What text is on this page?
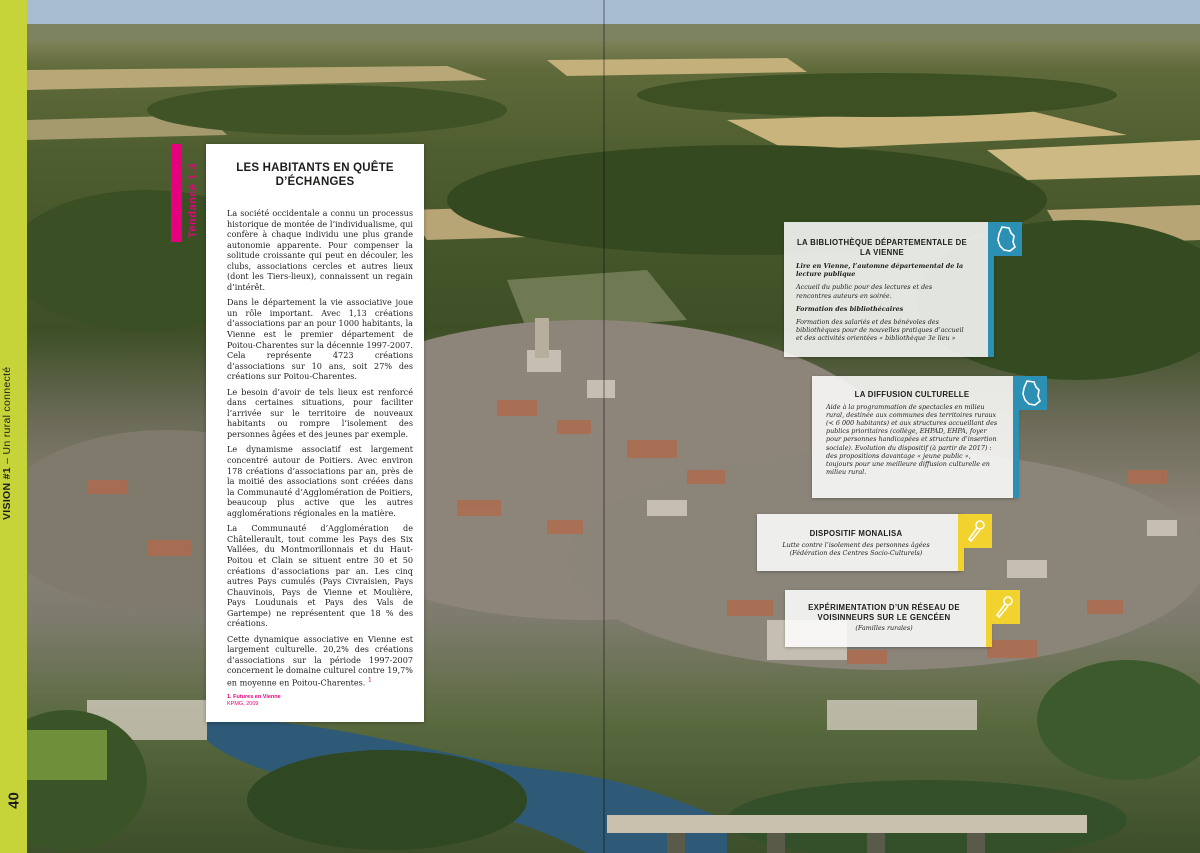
VISION #1 – Un rural connecté
40
LES HABITANTS EN QUÊTE D’ÉCHANGES

La société occidentale a connu un processus historique de montée de l’individualisme, qui confère à chaque individu une plus grande autonomie apparente. Pour compenser la solitude croissante qui peut en découler, les clubs, associations cercles et autres lieux (dont les Tiers-lieux), connaissent un regain d’intérêt.

Dans le département la vie associative joue un rôle important. Avec 1,13 créations d’associations par an pour 1000 habitants, la Vienne est le premier département de Poitou-Charentes sur la décennie 1997-2007. Cela représente 4723 créations d’associations sur 10 ans, soit 27% des créations sur Poitou-Charentes.

Le besoin d’avoir de tels lieux est renforcé dans certaines situations, pour faciliter l’arrivée sur le territoire de nouveaux habitants ou rompre l’isolement des personnes âgées et des jeunes par exemple.

Le dynamisme associatif est largement concentré autour de Poitiers. Avec environ 178 créations d’associations par an, près de la moitié des associations sont créées dans la Communauté d’Agglomération de Poitiers, beaucoup plus active que les autres agglomérations régionales en la matière.

La Communauté d’Agglomération de Châtellerault, tout comme les Pays des Six Vallées, du Montmorillonnais et du Haut-Poitou et Clain se situent entre 30 et 50 créations d’associations par an. Les cinq autres Pays cumulés (Pays Civraisien, Pays Chauvinois, Pays de Vienne et Moulière, Pays Loudunais et Pays des Vals de Gartempe) ne représentent que 18 % des créations.

Cette dynamique associative en Vienne est largement culturelle. 20,2% des créations d’associations sur la période 1997-2007 concernent le domaine culturel contre 19,7% en moyenne en Poitou-Charentes. $^1$

1. Futures en Vienne
KPMG, 2009
Tendance 1.3
LA BIBLIOTHÈQUE DÉPARTEMENTALE DE LA VIENNE
Lire en Vienne, l’automne départemental de la lecture publique
Accueil du public pour des lectures et des rencontres auteurs en soirée.
Formation des bibliothécaires
Formation des salariés et des bénévoles des bibliothèques pour de nouvelles pratiques d’accueil et des activités orientées « bibliothèque 3e lieu »
LA DIFFUSION CULTURELLE
Aide à la programmation de spectacles en milieu rural, destinée aux communes des territoires ruraux (< 6 000 habitants) et aux structures accueillant des publics prioritaires (collège, EHPAD, EHPA, foyer pour personnes handicapées et structure d’insertion sociale). Evolution du dispositif (à partir de 2017) : des propositions davantage « jeune public », toujours pour une meilleure diffusion culturelle en milieu rural.
DISPOSITIF MONALISA
Lutte contre l’isolement des personnes âgées (Fédération des Centres Socio-Culturels)
EXPÉRIMENTATION D’UN RÉSEAU DE VOISINNEURS SUR LE GENCÉEN
(Familles rurales)
